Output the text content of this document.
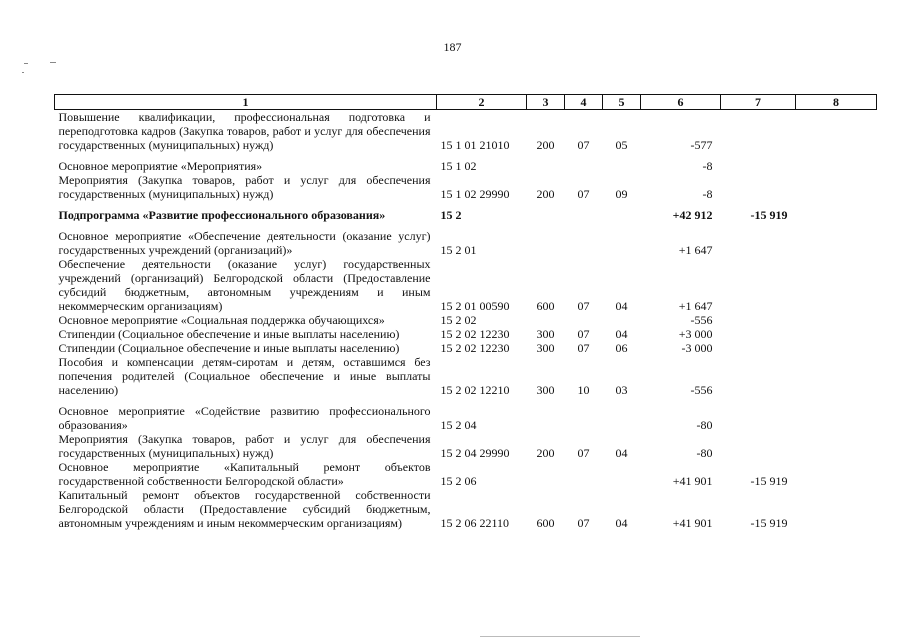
187
1	2	3	4	5	6	7	8
Повышение квалификации, профессиональная подготовка и переподготовка кадров (Закупка товаров, работ и услуг для обеспечения государственных (муниципальных) нужд)	15 1 01 21010	200	07	05	-577		
Основное мероприятие «Мероприятия»	15 1 02				-8		
Мероприятия (Закупка товаров, работ и услуг для обеспечения государственных (муниципальных) нужд)	15 1 02 29990	200	07	09	-8		
Подпрограмма «Развитие профессионального образования»	15 2				+42 912	-15 919	
Основное мероприятие «Обеспечение деятельности (оказание услуг) государственных учреждений (организаций)»	15 2 01				+1 647		
Обеспечение деятельности (оказание услуг) государственных учреждений (организаций) Белгородской области (Предоставление субсидий бюджетным, автономным учреждениям и иным некоммерческим организациям)	15 2 01 00590	600	07	04	+1 647		
Основное мероприятие «Социальная поддержка обучающихся»	15 2 02				-556		
Стипендии (Социальное обеспечение и иные выплаты населению)	15 2 02 12230	300	07	04	+3 000		
Стипендии (Социальное обеспечение и иные выплаты населению)	15 2 02 12230	300	07	06	-3 000		
Пособия и компенсации детям-сиротам и детям, оставшимся без попечения родителей (Социальное обеспечение и иные выплаты населению)	15 2 02 12210	300	10	03	-556		
Основное мероприятие «Содействие развитию профессионального образования»	15 2 04				-80		
Мероприятия (Закупка товаров, работ и услуг для обеспечения государственных (муниципальных) нужд)	15 2 04 29990	200	07	04	-80		
Основное мероприятие «Капитальный ремонт объектов государственной собственности Белгородской области»	15 2 06				+41 901	-15 919	
Капитальный ремонт объектов государственной собственности Белгородской области (Предоставление субсидий бюджетным, автономным учреждениям и иным некоммерческим организациям)	15 2 06 22110	600	07	04	+41 901	-15 919	
